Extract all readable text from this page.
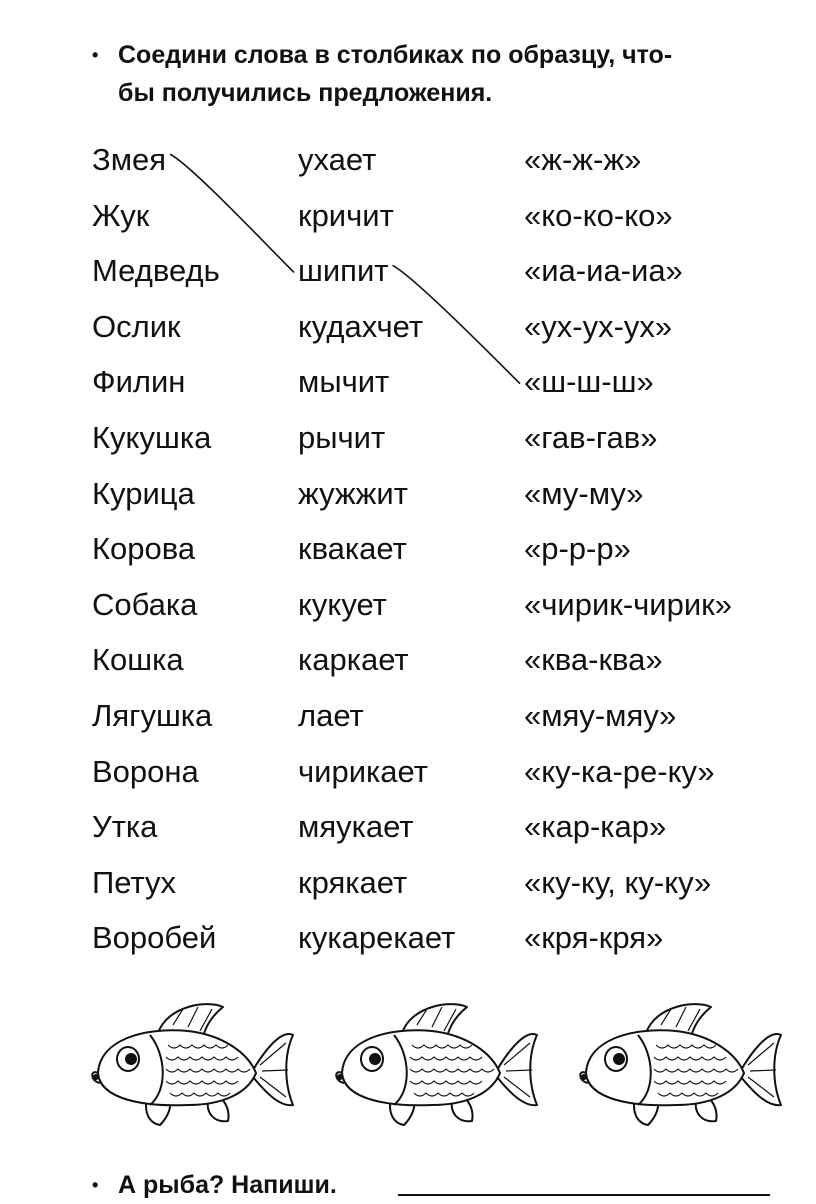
• Соедини слова в столбиках по образцу, что-
бы получились предложения.
Змея
Жук
Медведь
Ослик
Филин
Кукушка
Курица
Корова
Собака
Кошка
Лягушка
Ворона
Утка
Петух
Воробей
ухает
кричит
шипит
кудахчет
мычит
рычит
жужжит
квакает
кукует
каркает
лает
чирикает
мяукает
крякает
кукарекает
«ж-ж-ж»
«ко-ко-ко»
«иа-иа-иа»
«ух-ух-ух»
«ш-ш-ш»
«гав-гав»
«му-му»
«р-р-р»
«чирик-чирик»
«ква-ква»
«мяу-мяу»
«ку-ка-ре-ку»
«кар-кар»
«ку-ку, ку-ку»
«кря-кря»
• А рыба? Напиши.
